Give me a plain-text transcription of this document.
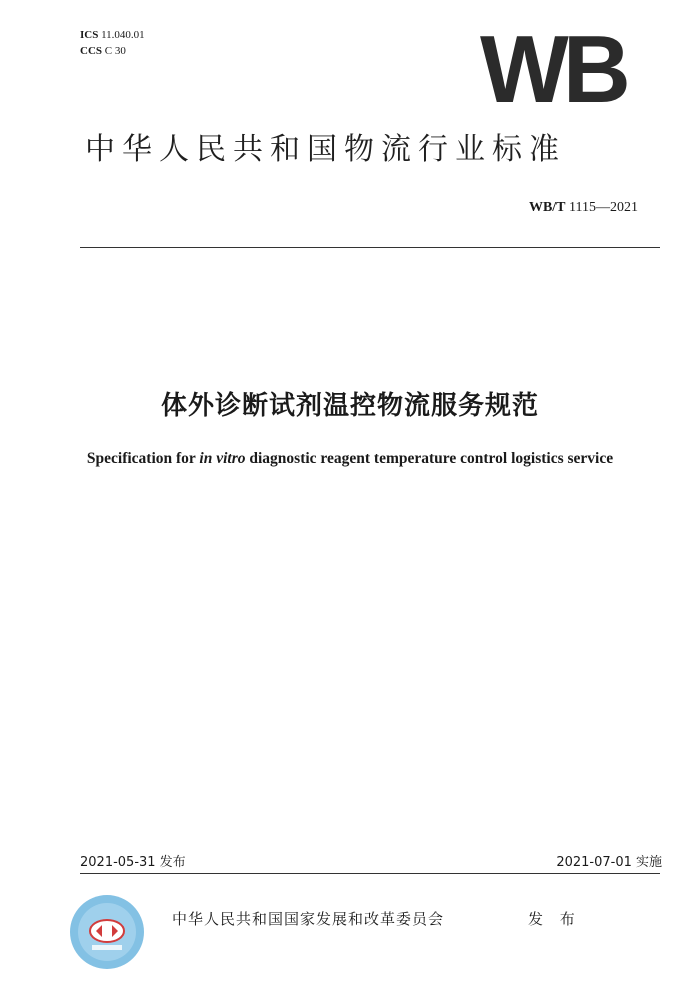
ICS 11.040.01
CCS C 30	WB
中华人民共和国物流行业标准
WB/T 1115—2021
体外诊断试剂温控物流服务规范
Specification for in vitro diagnostic reagent temperature control logistics service
2021-05-31 发布	2021-07-01 实施
中华人民共和国国家发展和改革委员会	发 布
